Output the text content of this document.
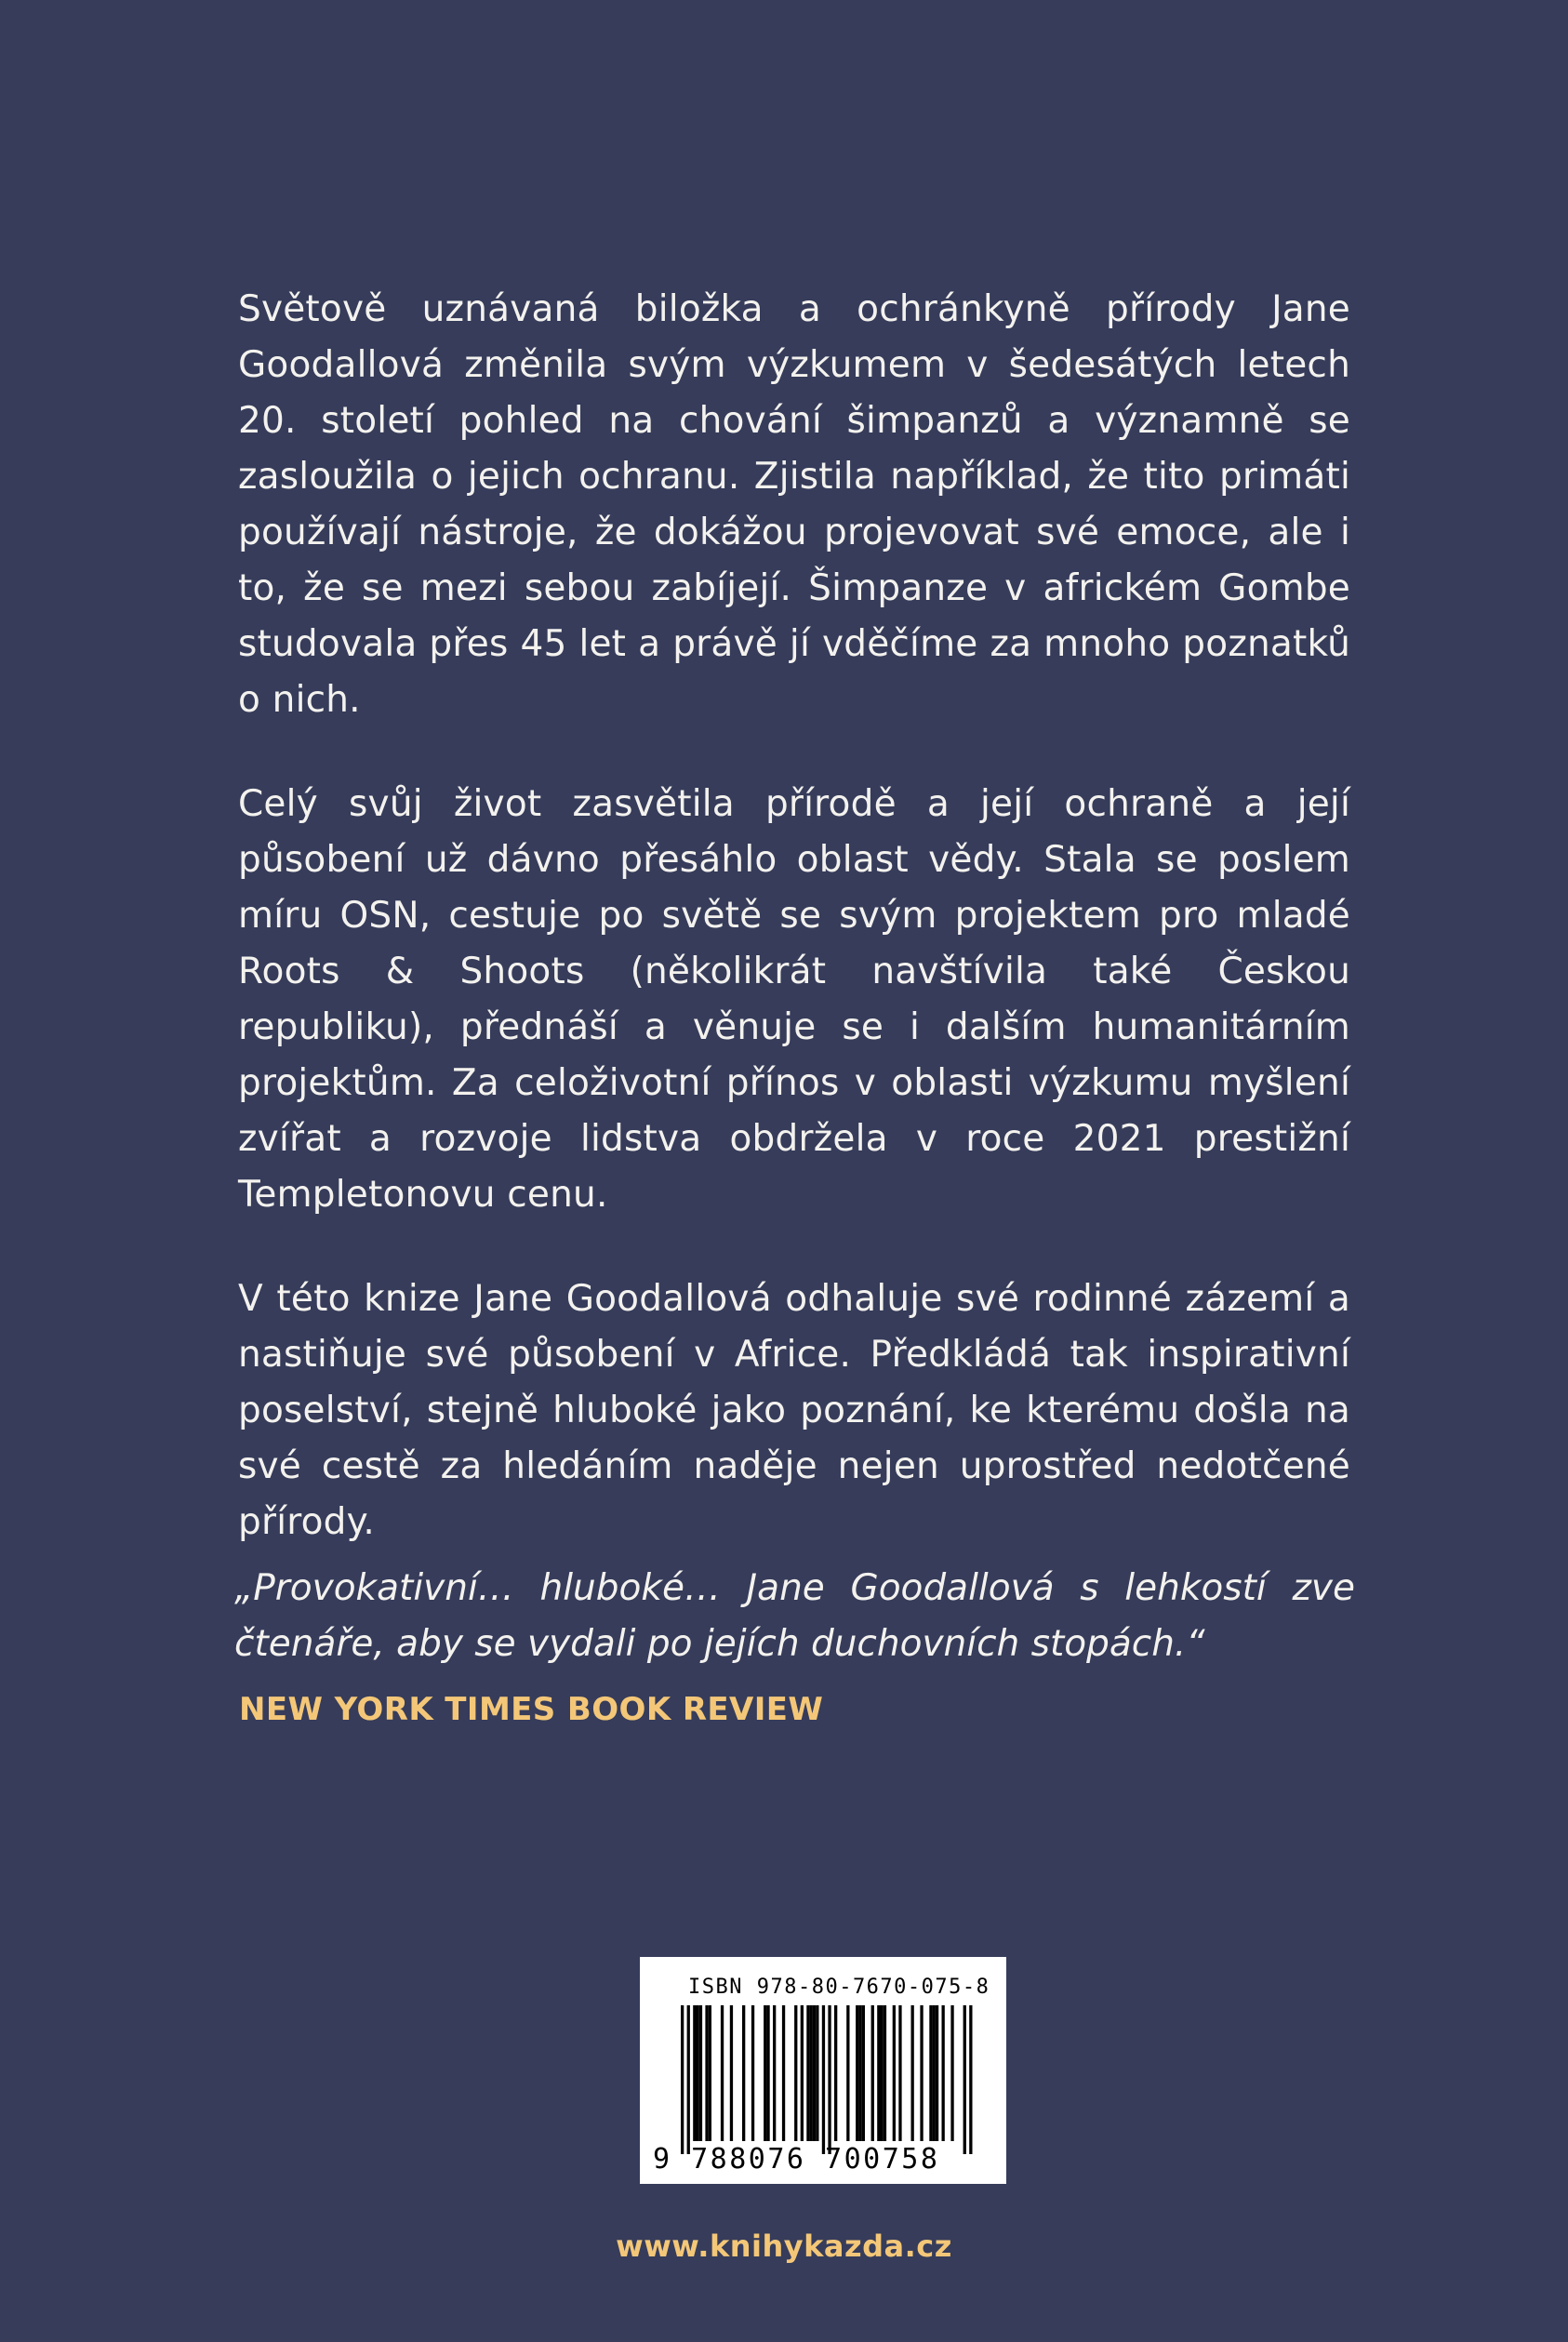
Světově uznávaná biložka a ochránkyně přírody Jane Goodallová změnila svým výzkumem v šedesátých letech 20. století pohled na chování šimpanzů a významně se zasloužila o jejich ochranu. Zjistila například, že tito primáti používají nástroje, že dokážou projevovat své emoce, ale i to, že se mezi sebou zabíjejí. Šimpanze v africkém Gombe studovala přes 45 let a právě jí vděčíme za mnoho poznatků o nich.

Celý svůj život zasvětila přírodě a její ochraně a její působení už dávno přesáhlo oblast vědy. Stala se poslem míru OSN, cestuje po světě se svým projektem pro mladé Roots & Shoots (několikrát navštívila také Českou republiku), přednáší a věnuje se i dalším humanitárním projektům. Za celoživotní přínos v oblasti výzkumu myšlení zvířat a rozvoje lidstva obdržela v roce 2021 prestižní Templetonovu cenu.

V této knize Jane Goodallová odhaluje své rodinné zázemí a nastiňuje své působení v Africe. Předkládá tak inspirativní poselství, stejně hluboké jako poznání, ke kterému došla na své cestě za hledáním naděje nejen uprostřed nedotčené přírody.

„Provokativní… hluboké… Jane Goodallová s lehkostí zve čtenáře, aby se vydali po jejích duchovních stopách.“

NEW YORK TIMES BOOK REVIEW
ISBN 978-80-7670-075-8
9 788076 700758
www.knihykazda.cz
